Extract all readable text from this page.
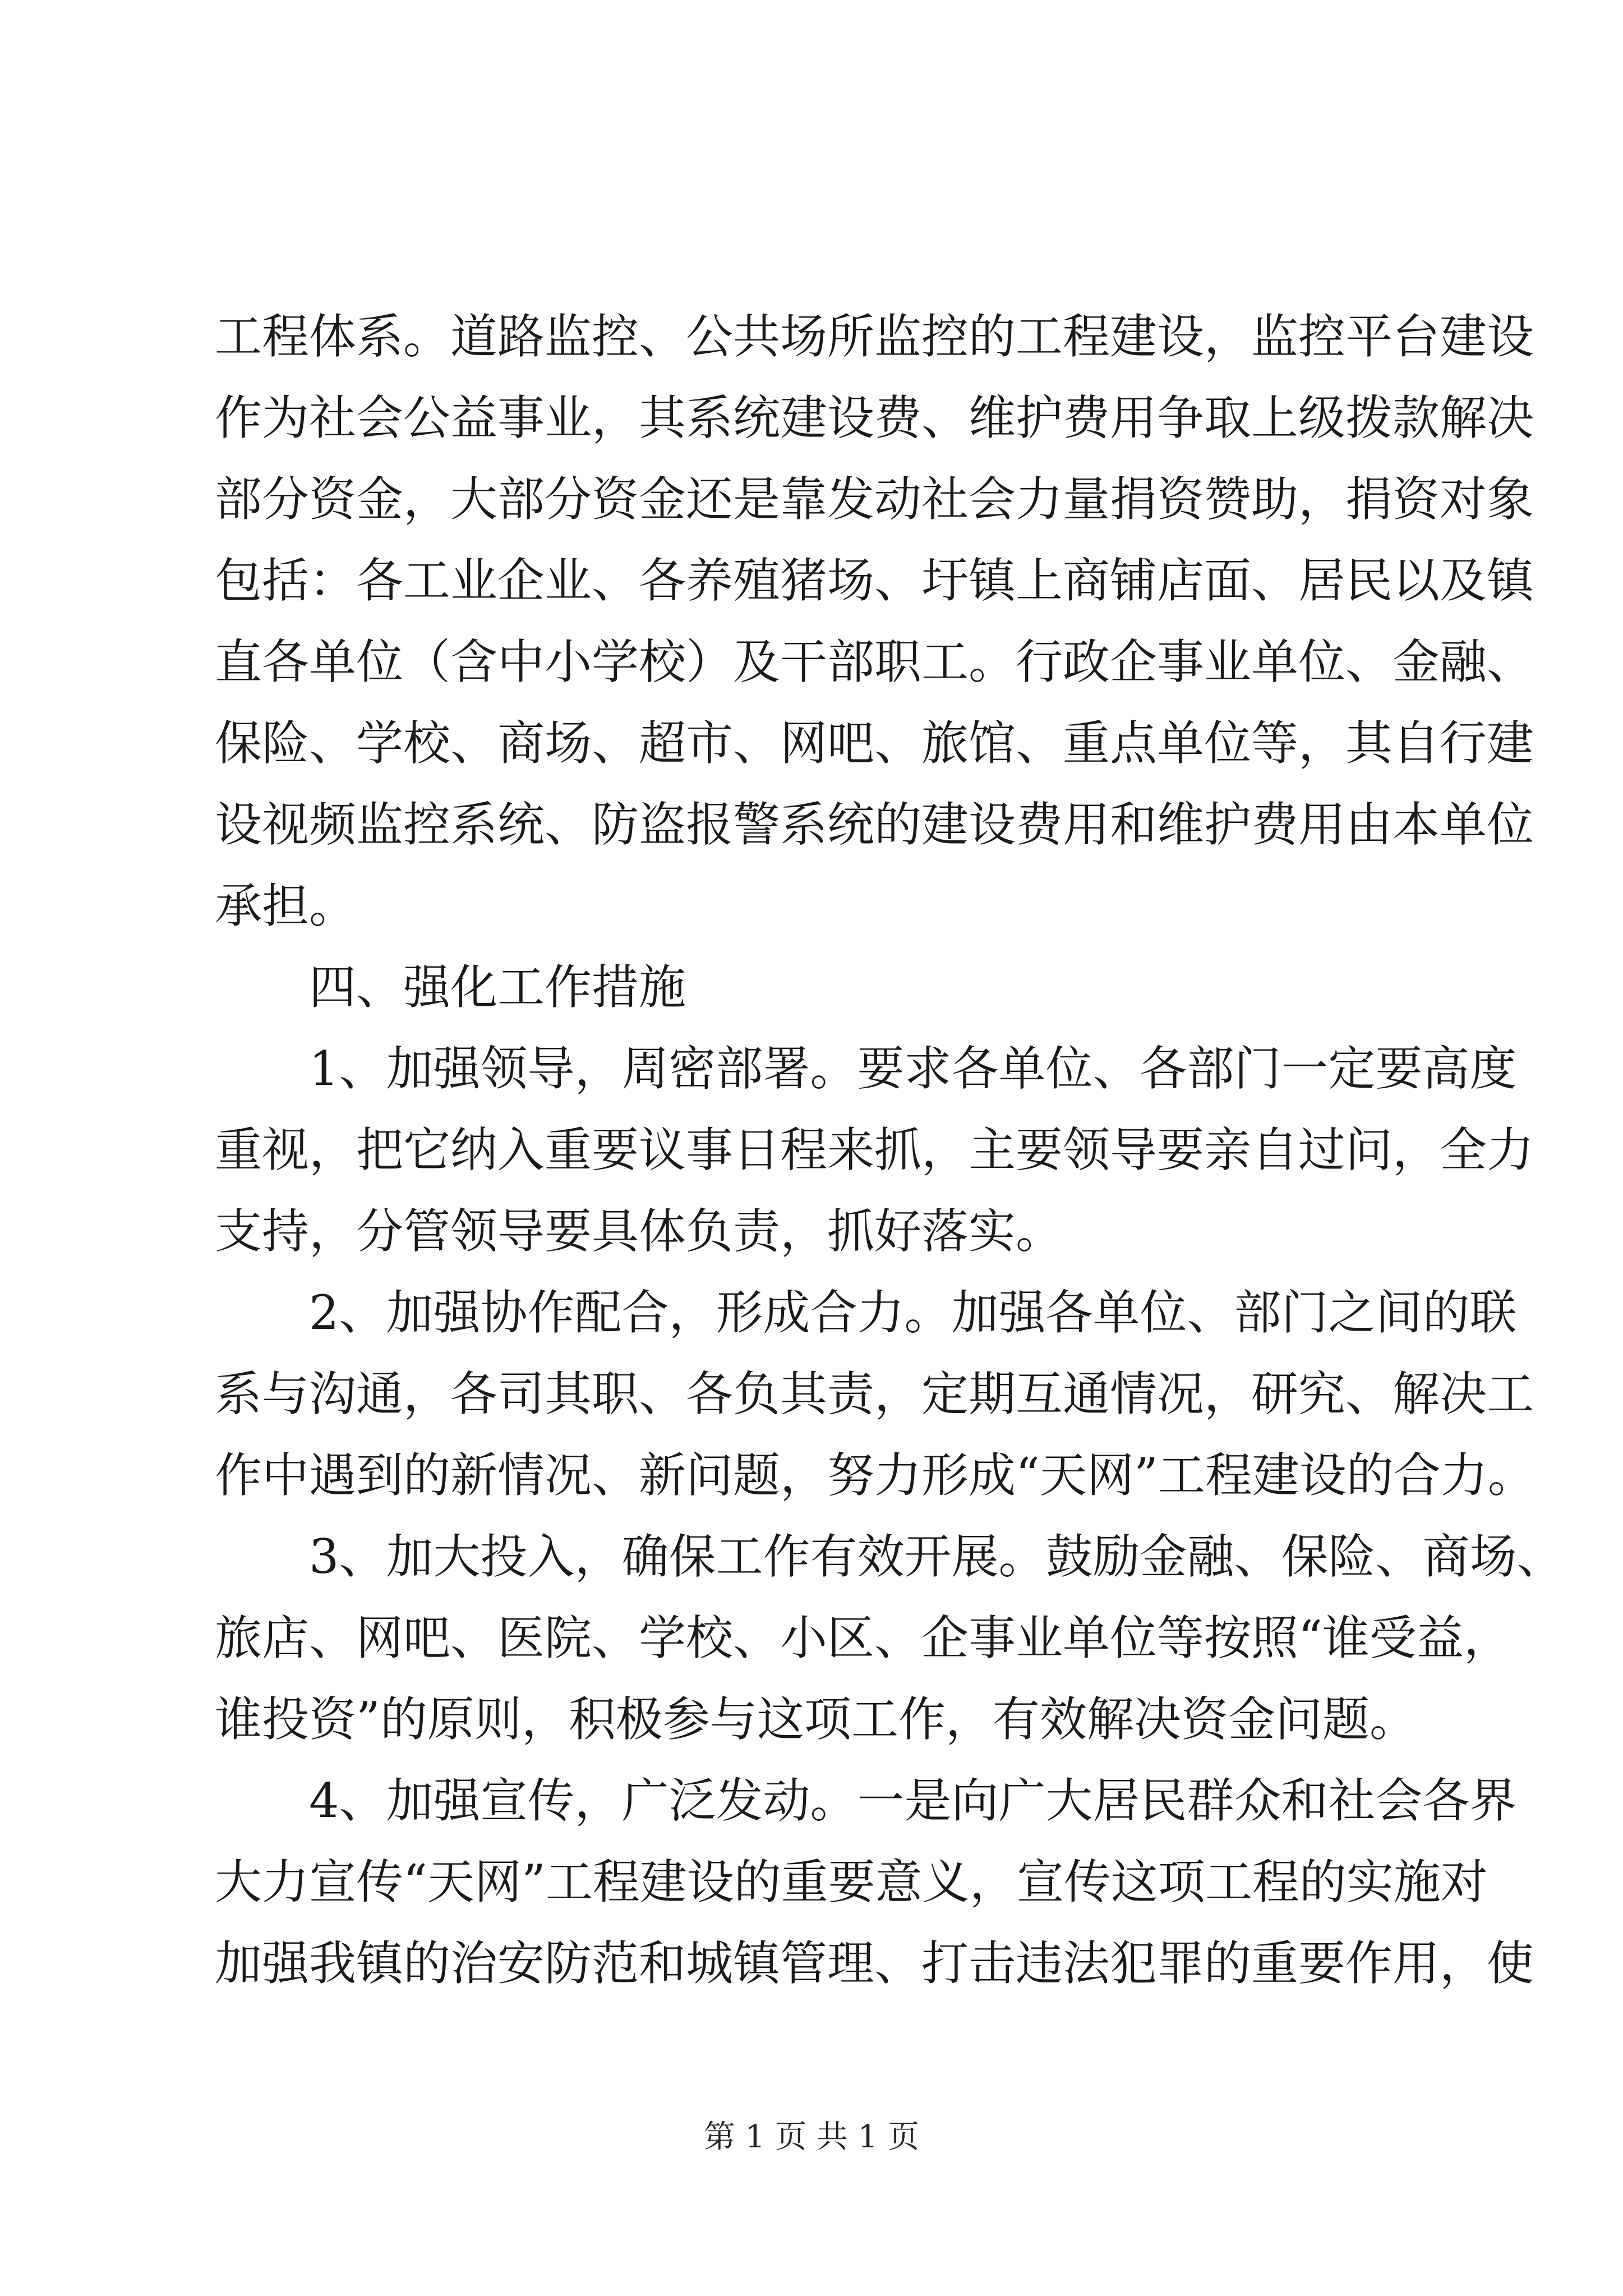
工程体系。道路监控、公共场所监控的工程建设，监控平台建设
作为社会公益事业，其系统建设费、维护费用争取上级拨款解决
部分资金，大部分资金还是靠发动社会力量捐资赞助，捐资对象
包括：各工业企业、各养殖猪场、圩镇上商铺店面、居民以及镇
直各单位（含中小学校）及干部职工。行政企事业单位、金融、
保险、学校、商场、超市、网吧、旅馆、重点单位等，其自行建
设视频监控系统、防盗报警系统的建设费用和维护费用由本单位
承担。
四、强化工作措施
1、加强领导，周密部署。要求各单位、各部门一定要高度
重视，把它纳入重要议事日程来抓，主要领导要亲自过问，全力
支持，分管领导要具体负责，抓好落实。
2、加强协作配合，形成合力。加强各单位、部门之间的联
系与沟通，各司其职、各负其责，定期互通情况，研究、解决工
作中遇到的新情况、新问题，努力形成“天网”工程建设的合力。
3、加大投入，确保工作有效开展。鼓励金融、保险、商场、
旅店、网吧、医院、学校、小区、企事业单位等按照“谁受益，
谁投资”的原则，积极参与这项工作，有效解决资金问题。
4、加强宣传，广泛发动。一是向广大居民群众和社会各界
大力宣传“天网”工程建设的重要意义，宣传这项工程的实施对
加强我镇的治安防范和城镇管理、打击违法犯罪的重要作用，使
第 1 页 共 1 页
